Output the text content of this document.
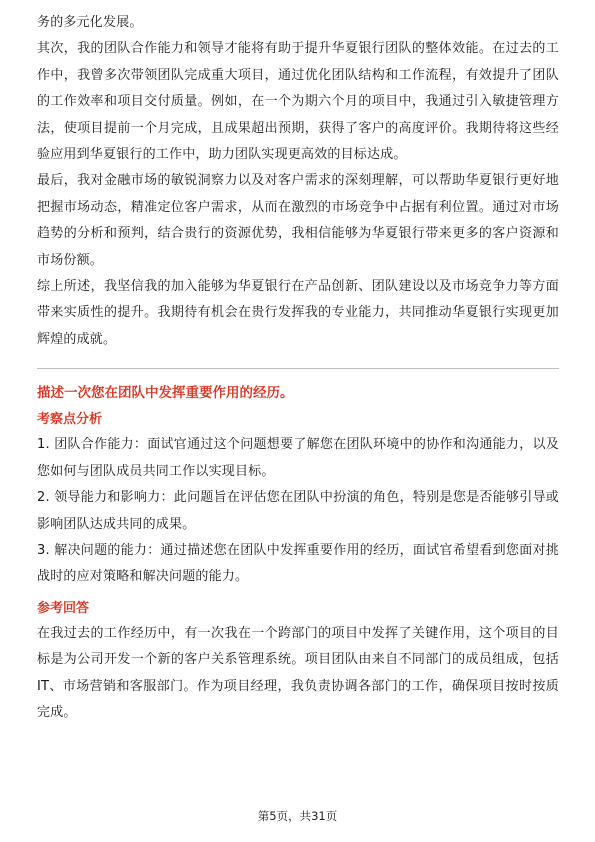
务的多元化发展。

其次，我的团队合作能力和领导才能将有助于提升华夏银行团队的整体效能。在过去的工作中，我曾多次带领团队完成重大项目，通过优化团队结构和工作流程，有效提升了团队的工作效率和项目交付质量。例如，在一个为期六个月的项目中，我通过引入敏捷管理方法，使项目提前一个月完成，且成果超出预期，获得了客户的高度评价。我期待将这些经验应用到华夏银行的工作中，助力团队实现更高效的目标达成。

最后，我对金融市场的敏锐洞察力以及对客户需求的深刻理解，可以帮助华夏银行更好地把握市场动态，精准定位客户需求，从而在激烈的市场竞争中占据有利位置。通过对市场趋势的分析和预判，结合贵行的资源优势，我相信能够为华夏银行带来更多的客户资源和市场份额。

综上所述，我坚信我的加入能够为华夏银行在产品创新、团队建设以及市场竞争力等方面带来实质性的提升。我期待有机会在贵行发挥我的专业能力，共同推动华夏银行实现更加辉煌的成就。

描述一次您在团队中发挥重要作用的经历。

考察点分析

1. 团队合作能力：面试官通过这个问题想要了解您在团队环境中的协作和沟通能力，以及您如何与团队成员共同工作以实现目标。

2. 领导能力和影响力：此问题旨在评估您在团队中扮演的角色，特别是您是否能够引导或影响团队达成共同的成果。

3. 解决问题的能力：通过描述您在团队中发挥重要作用的经历，面试官希望看到您面对挑战时的应对策略和解决问题的能力。

参考回答

在我过去的工作经历中，有一次我在一个跨部门的项目中发挥了关键作用，这个项目的目标是为公司开发一个新的客户关系管理系统。项目团队由来自不同部门的成员组成，包括IT、市场营销和客服部门。作为项目经理，我负责协调各部门的工作，确保项目按时按质完成。

第5页，共31页
